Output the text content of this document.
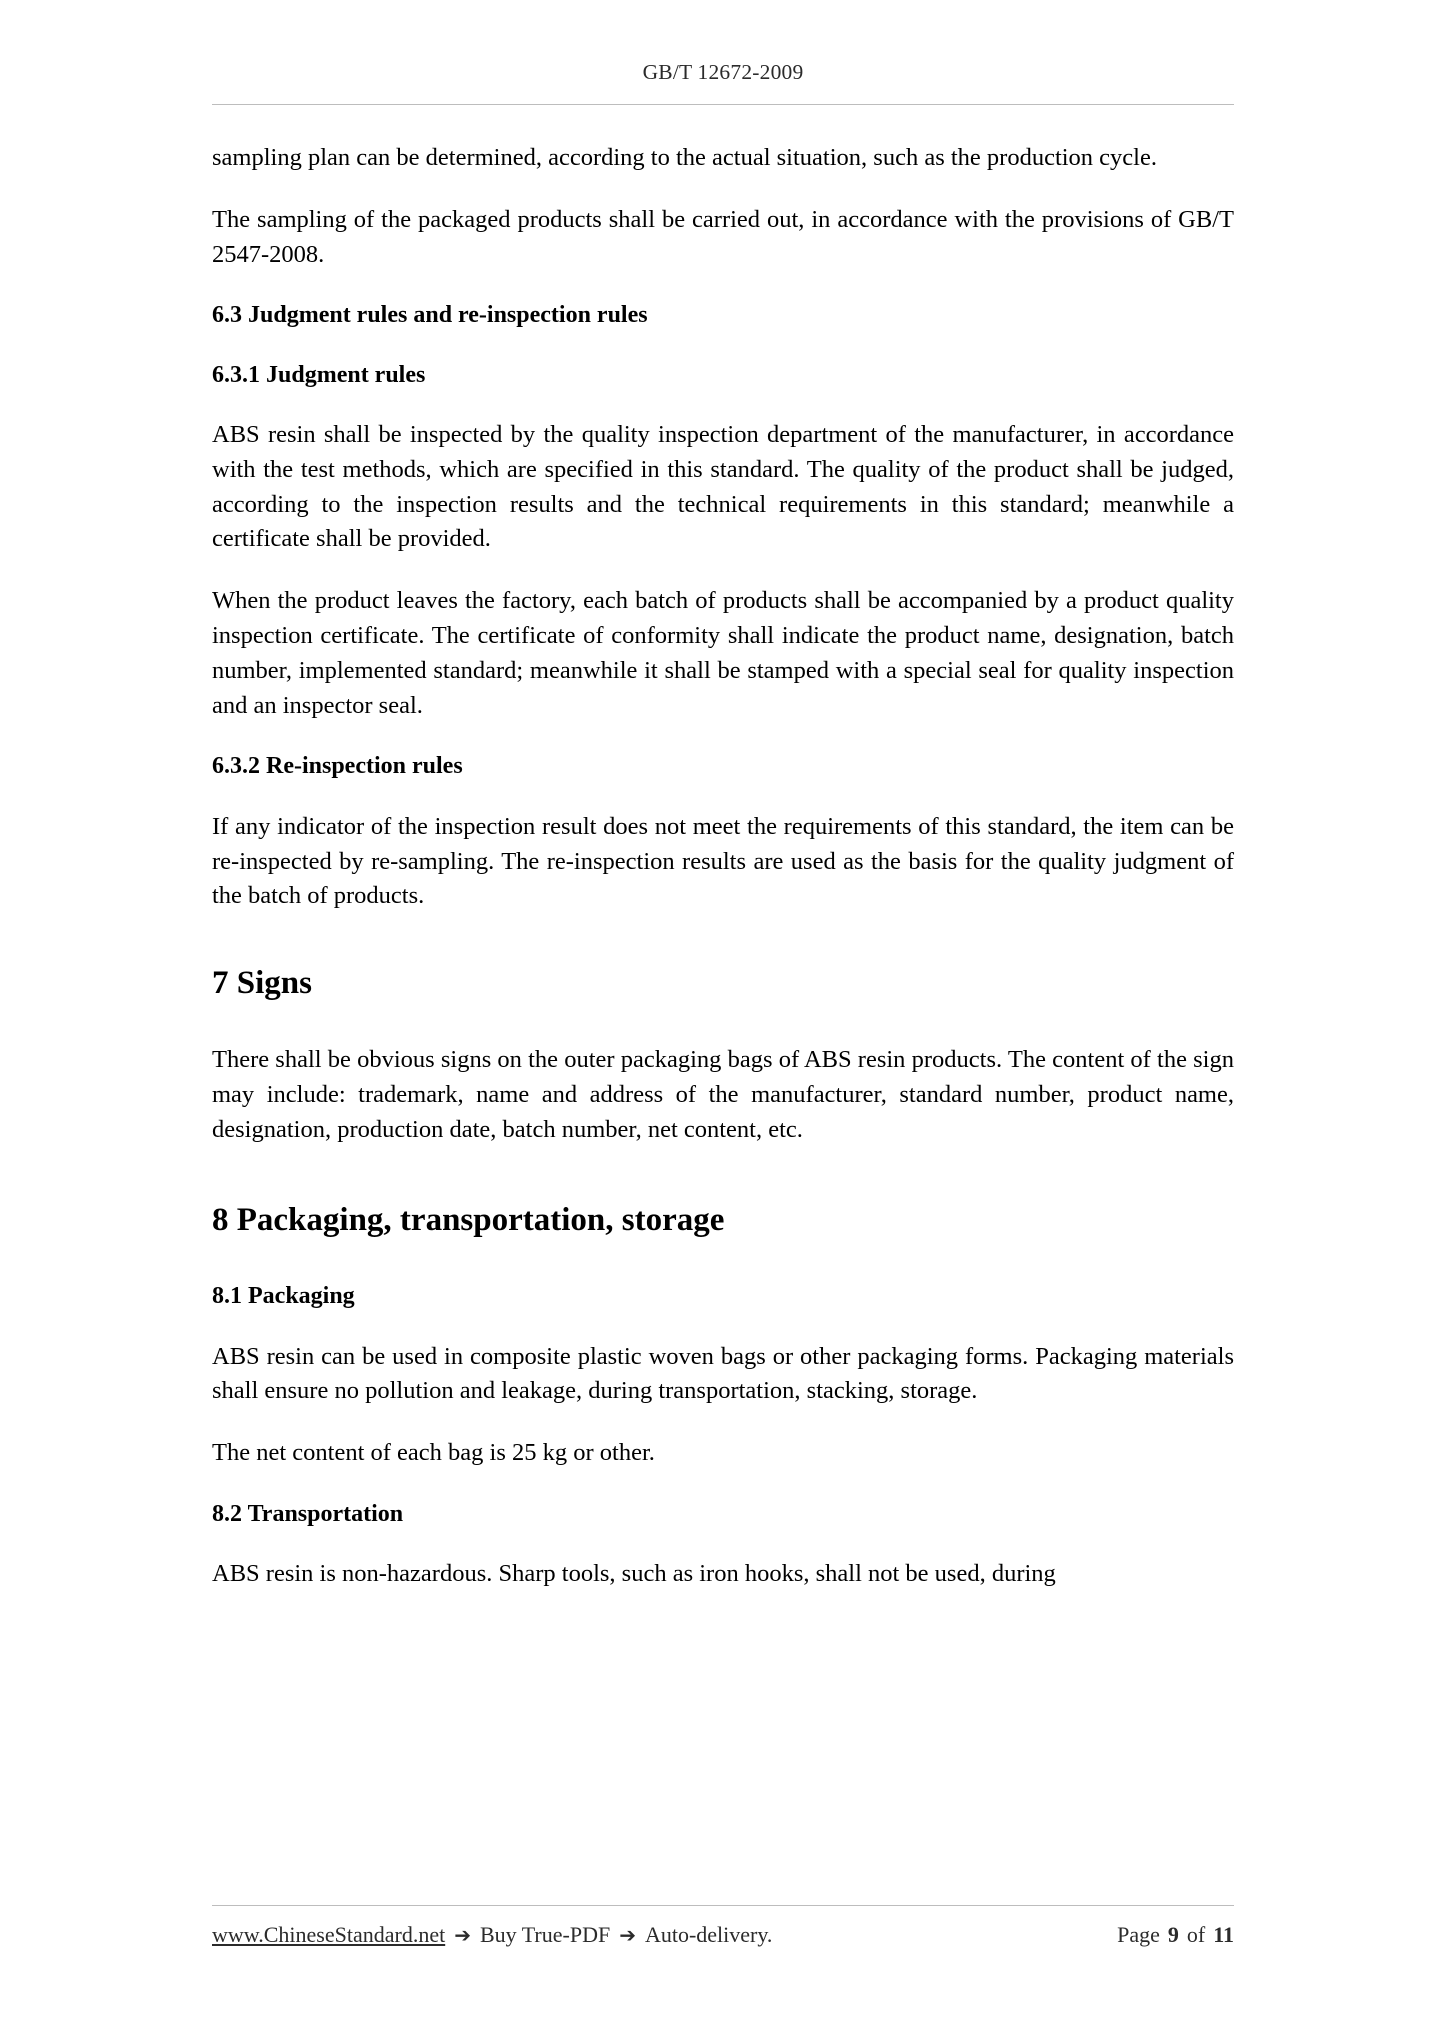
GB/T 12672-2009

sampling plan can be determined, according to the actual situation, such as the production cycle.

The sampling of the packaged products shall be carried out, in accordance with the provisions of GB/T 2547-2008.

6.3 Judgment rules and re-inspection rules
6.3.1 Judgment rules

ABS resin shall be inspected by the quality inspection department of the manufacturer, in accordance with the test methods, which are specified in this standard. The quality of the product shall be judged, according to the inspection results and the technical requirements in this standard; meanwhile a certificate shall be provided.

When the product leaves the factory, each batch of products shall be accompanied by a product quality inspection certificate. The certificate of conformity shall indicate the product name, designation, batch number, implemented standard; meanwhile it shall be stamped with a special seal for quality inspection and an inspector seal.

6.3.2 Re-inspection rules

If any indicator of the inspection result does not meet the requirements of this standard, the item can be re-inspected by re-sampling. The re-inspection results are used as the basis for the quality judgment of the batch of products.

7 Signs

There shall be obvious signs on the outer packaging bags of ABS resin products. The content of the sign may include: trademark, name and address of the manufacturer, standard number, product name, designation, production date, batch number, net content, etc.

8 Packaging, transportation, storage
8.1 Packaging

ABS resin can be used in composite plastic woven bags or other packaging forms. Packaging materials shall ensure no pollution and leakage, during transportation, stacking, storage.

The net content of each bag is 25 kg or other.

8.2 Transportation

ABS resin is non-hazardous. Sharp tools, such as iron hooks, shall not be used, during

www.ChineseStandard.net ➔ Buy True-PDF ➔ Auto-delivery.	Page 9 of 11
